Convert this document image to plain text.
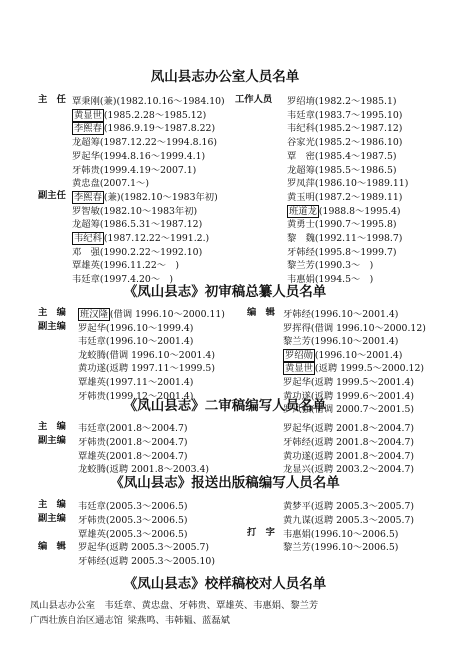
凤山县志办公室人员名单
主　任	工作人员
副主任
覃秉刚(兼)(1982.10.16～1984.10)
黄显世 (1985.2.28～1985.12)
李熙春 (1986.9.19～1987.8.22)
龙超筹(1987.12.22～1994.8.16)
罗起华(1994.8.16～1999.4.1)
牙韩贵(1999.4.19～2007.1)
黄忠盘(2007.1～)
李熙春 (兼)(1982.10～1983年初)
罗智敏(1982.10～1983年初)
龙超筹(1986.5.31～1987.12)
韦纪科 (1987.12.22～1991.2.)
邓　强(1990.2.22～1992.10)
覃雄英(1996.11.22～　)
韦廷章(1997.4.20～　)
罗绍堉(1982.2～1985.1)
韦廷章(1983.7～1995.10)
韦纪科(1985.2～1987.12)
谷家光(1985.2～1986.10)
覃　密(1985.4～1987.5)
龙超筹(1985.5～1986.5)
罗凤萍(1986.10～1989.11)
黄玉明(1987.2～1989.11)
班道龙 (1988.8～1995.4)
黄勇士(1990.7～1995.8)
黎　魏(1992.11～1998.7)
牙韩经(1995.8～1999.7)
黎兰芳(1990.3～　)
韦惠娟(1994.5～　)
《凤山县志》初审稿总纂人员名单
主　编
副主编
编　辑
班汉隆 (借调 1996.10～2000.11)
罗起华(1996.10～1999.4)
韦廷章(1996.10～2001.4)
龙蛟腾(借调 1996.10～2001.4)
黄功遂(返聘 1997.11～1999.5)
覃雄英(1997.11～2001.4)
牙韩贵(1999.12～2001.4)
牙韩经(1996.10～2001.4)
罗挥得(借调 1996.10～2000.12)
黎兰芳(1996.10～2001.4)
罗绍勋 (1996.10～2001.4)
黄显世 (返聘 1999.5～2000.12)
罗起华(返聘 1999.5～2001.4)
黄功遂(返聘 1999.6～2001.4)
罗风强(借调 2000.7～2001.5)
《凤山县志》二审稿编写人员名单
主　编
副主编
韦廷章(2001.8～2004.7)
牙韩贵(2001.8～2004.7)
覃雄英(2001.8～2004.7)
龙蛟腾(返聘 2001.8～2003.4)
罗起华(返聘 2001.8～2004.7)
牙韩经(返聘 2001.8～2004.7)
黄功遂(返聘 2001.8～2004.7)
龙显兴(返聘 2003.2～2004.7)
《凤山县志》报送出版稿编写人员名单
主　编
副主编
编　辑
打　字
韦廷章(2005.3～2006.5)
牙韩贵(2005.3～2006.5)
覃雄英(2005.3～2006.5)
罗起华(返聘 2005.3～2005.7)
牙韩经(返聘 2005.3～2005.10)
黄梦平(返聘 2005.3～2005.7)
黄九谋(返聘 2005.3～2005.7)
韦惠娟(1996.10～2006.5)
黎兰芳(1996.10～2006.5)
《凤山县志》校样稿校对人员名单
凤山县志办公室  韦廷章、黄忠盘、牙韩贵、覃雄英、韦惠娟、黎兰芳
广西壮族自治区通志馆  梁燕鸣、韦韩韫、蓝磊斌
